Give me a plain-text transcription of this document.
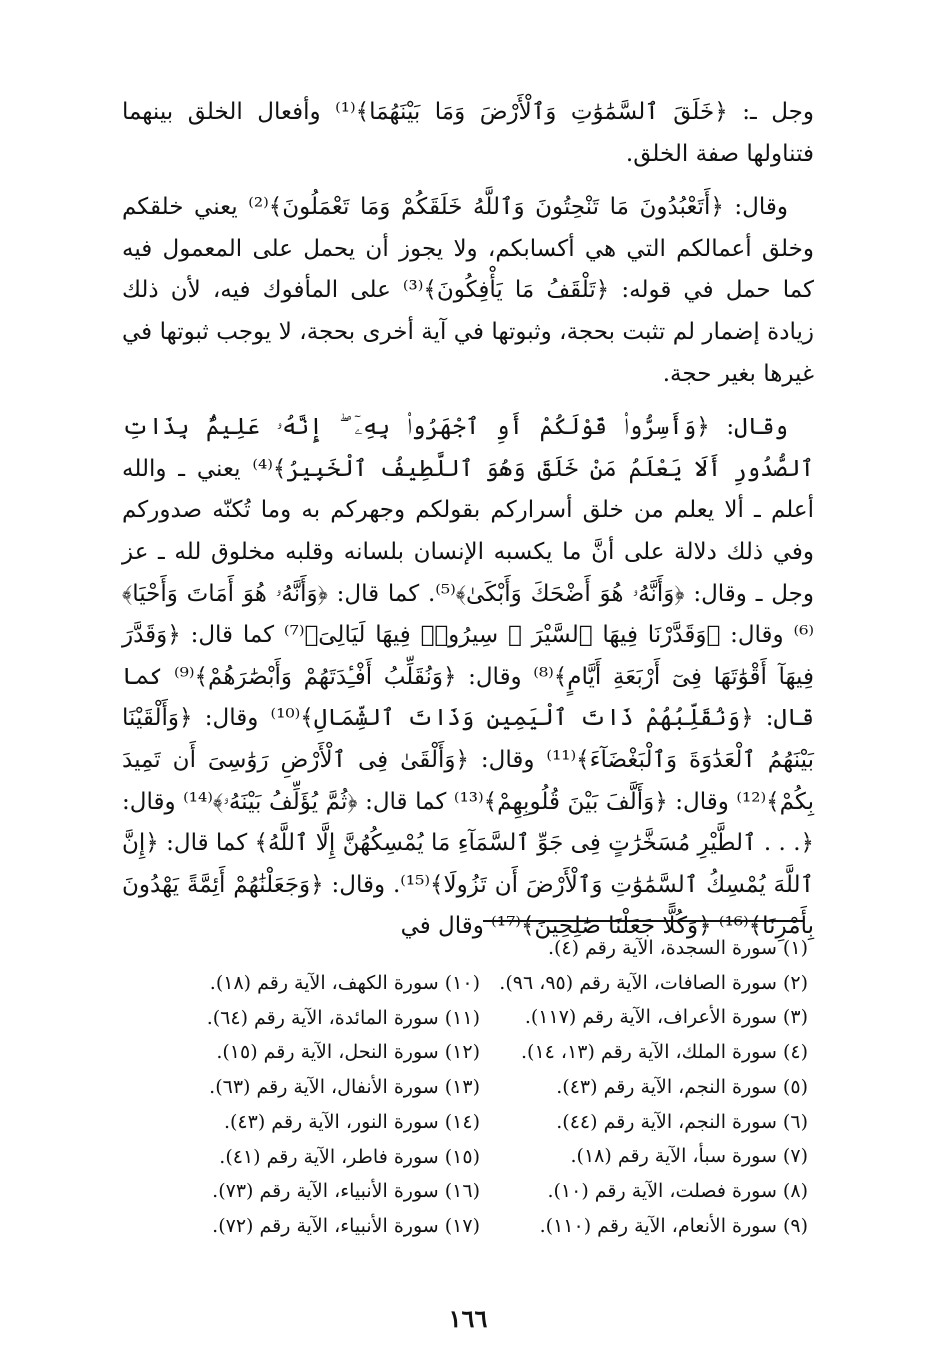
وجل ـ: ﴿خَلَقَ ٱلسَّمَٰوَٰتِ وَٱلْأَرْضَ وَمَا بَيْنَهُمَا﴾⁽¹⁾ وأفعال الخلق بينهما فتناولها صفة الخلق.

وقال: ﴿أَتَعْبُدُونَ مَا تَنْحِتُونَ وَٱللَّهُ خَلَقَكُمْ وَمَا تَعْمَلُونَ﴾⁽²⁾ يعني خلقكم وخلق أعمالكم التي هي أكسابكم، ولا يجوز أن يحمل على المعمول فيه كما حمل في قوله: ﴿تَلْقَفُ مَا يَأْفِكُونَ﴾⁽³⁾ على المأفوك فيه، لأن ذلك زيادة إضمار لم تثبت بحجة، وثبوتها في آية أخرى بحجة، لا يوجب ثبوتها في غيرها بغير حجة.

وقال: ﴿وَأَسِرُّوا۟ قَوْلَكُمْ أَوِ ٱجْهَرُوا۟ بِهِۦٓ ۖ إِنَّهُۥ عَلِيمٌۢ بِذَاتِ ٱلصُّدُورِ أَلَا يَعْلَمُ مَنْ خَلَقَ وَهُوَ ٱللَّطِيفُ ٱلْخَبِيرُ﴾⁽⁴⁾ يعني ـ والله أعلم ـ ألا يعلم من خلق أسراركم بقولكم وجهركم به وما تُكنّه صدوركم وفي ذلك دلالة على أنَّ ما يكسبه الإنسان بلسانه وقلبه مخلوق لله ـ عز وجل ـ وقال: ﴿وَأَنَّهُۥ هُوَ أَضْحَكَ وَأَبْكَىٰ﴾⁽⁵⁾. كما قال: ﴿وَأَنَّهُۥ هُوَ أَمَاتَ وَأَحْيَا﴾⁽⁶⁾ وقال: ﴿وَقَدَّرْنَا فِيهَا ٱلسَّيْرَ ۖ سِيرُوا۟ فِيهَا لَيَالِىَ﴾⁽⁷⁾ كما قال: ﴿وَقَدَّرَ فِيهَآ أَقْوَٰتَهَا فِىٓ أَرْبَعَةِ أَيَّامٍ﴾⁽⁸⁾ وقال: ﴿وَنُقَلِّبُ أَفْـِٔدَتَهُمْ وَأَبْصَٰرَهُمْ﴾⁽⁹⁾ كما قال: ﴿وَنُقَلِّبُهُمْ ذَاتَ ٱلْيَمِينِ وَذَاتَ ٱلشِّمَالِ﴾⁽¹⁰⁾ وقال: ﴿وَأَلْقَيْنَا بَيْنَهُمُ ٱلْعَدَٰوَةَ وَٱلْبَغْضَآءَ﴾⁽¹¹⁾ وقال: ﴿وَأَلْقَىٰ فِى ٱلْأَرْضِ رَوَٰسِىَ أَن تَمِيدَ بِكُمْ﴾⁽¹²⁾ وقال: ﴿وَأَلَّفَ بَيْنَ قُلُوبِهِمْ﴾⁽¹³⁾ كما قال: ﴿ثُمَّ يُؤَلِّفُ بَيْنَهُۥ﴾⁽¹⁴⁾ وقال: ﴿. . . ٱلطَّيْرِ مُسَخَّرَٰتٍ فِى جَوِّ ٱلسَّمَآءِ مَا يُمْسِكُهُنَّ إِلَّا ٱللَّهُ﴾ كما قال: ﴿إِنَّ ٱللَّهَ يُمْسِكُ ٱلسَّمَٰوَٰتِ وَٱلْأَرْضَ أَن تَزُولَا﴾⁽¹⁵⁾. وقال: ﴿وَجَعَلْنَٰهُمْ أَئِمَّةً يَهْدُونَ بِأَمْرِنَا﴾⁽¹⁶⁾ ﴿وَكُلًّا جَعَلْنَا صَٰلِحِينَ﴾⁽¹⁷⁾ وقال في

(١) سورة السجدة، الآية رقم (٤).
(٢) سورة الصافات، الآية رقم (٩٥، ٩٦).
(٣) سورة الأعراف، الآية رقم (١١٧).
(٤) سورة الملك، الآية رقم (١٣، ١٤).
(٥) سورة النجم، الآية رقم (٤٣).
(٦) سورة النجم، الآية رقم (٤٤).
(٧) سورة سبأ، الآية رقم (١٨).
(٨) سورة فصلت، الآية رقم (١٠).
(٩) سورة الأنعام، الآية رقم (١١٠).
(١٠) سورة الكهف، الآية رقم (١٨).
(١١) سورة المائدة، الآية رقم (٦٤).
(١٢) سورة النحل، الآية رقم (١٥).
(١٣) سورة الأنفال، الآية رقم (٦٣).
(١٤) سورة النور، الآية رقم (٤٣).
(١٥) سورة فاطر، الآية رقم (٤١).
(١٦) سورة الأنبياء، الآية رقم (٧٣).
(١٧) سورة الأنبياء، الآية رقم (٧٢).
١٦٦
